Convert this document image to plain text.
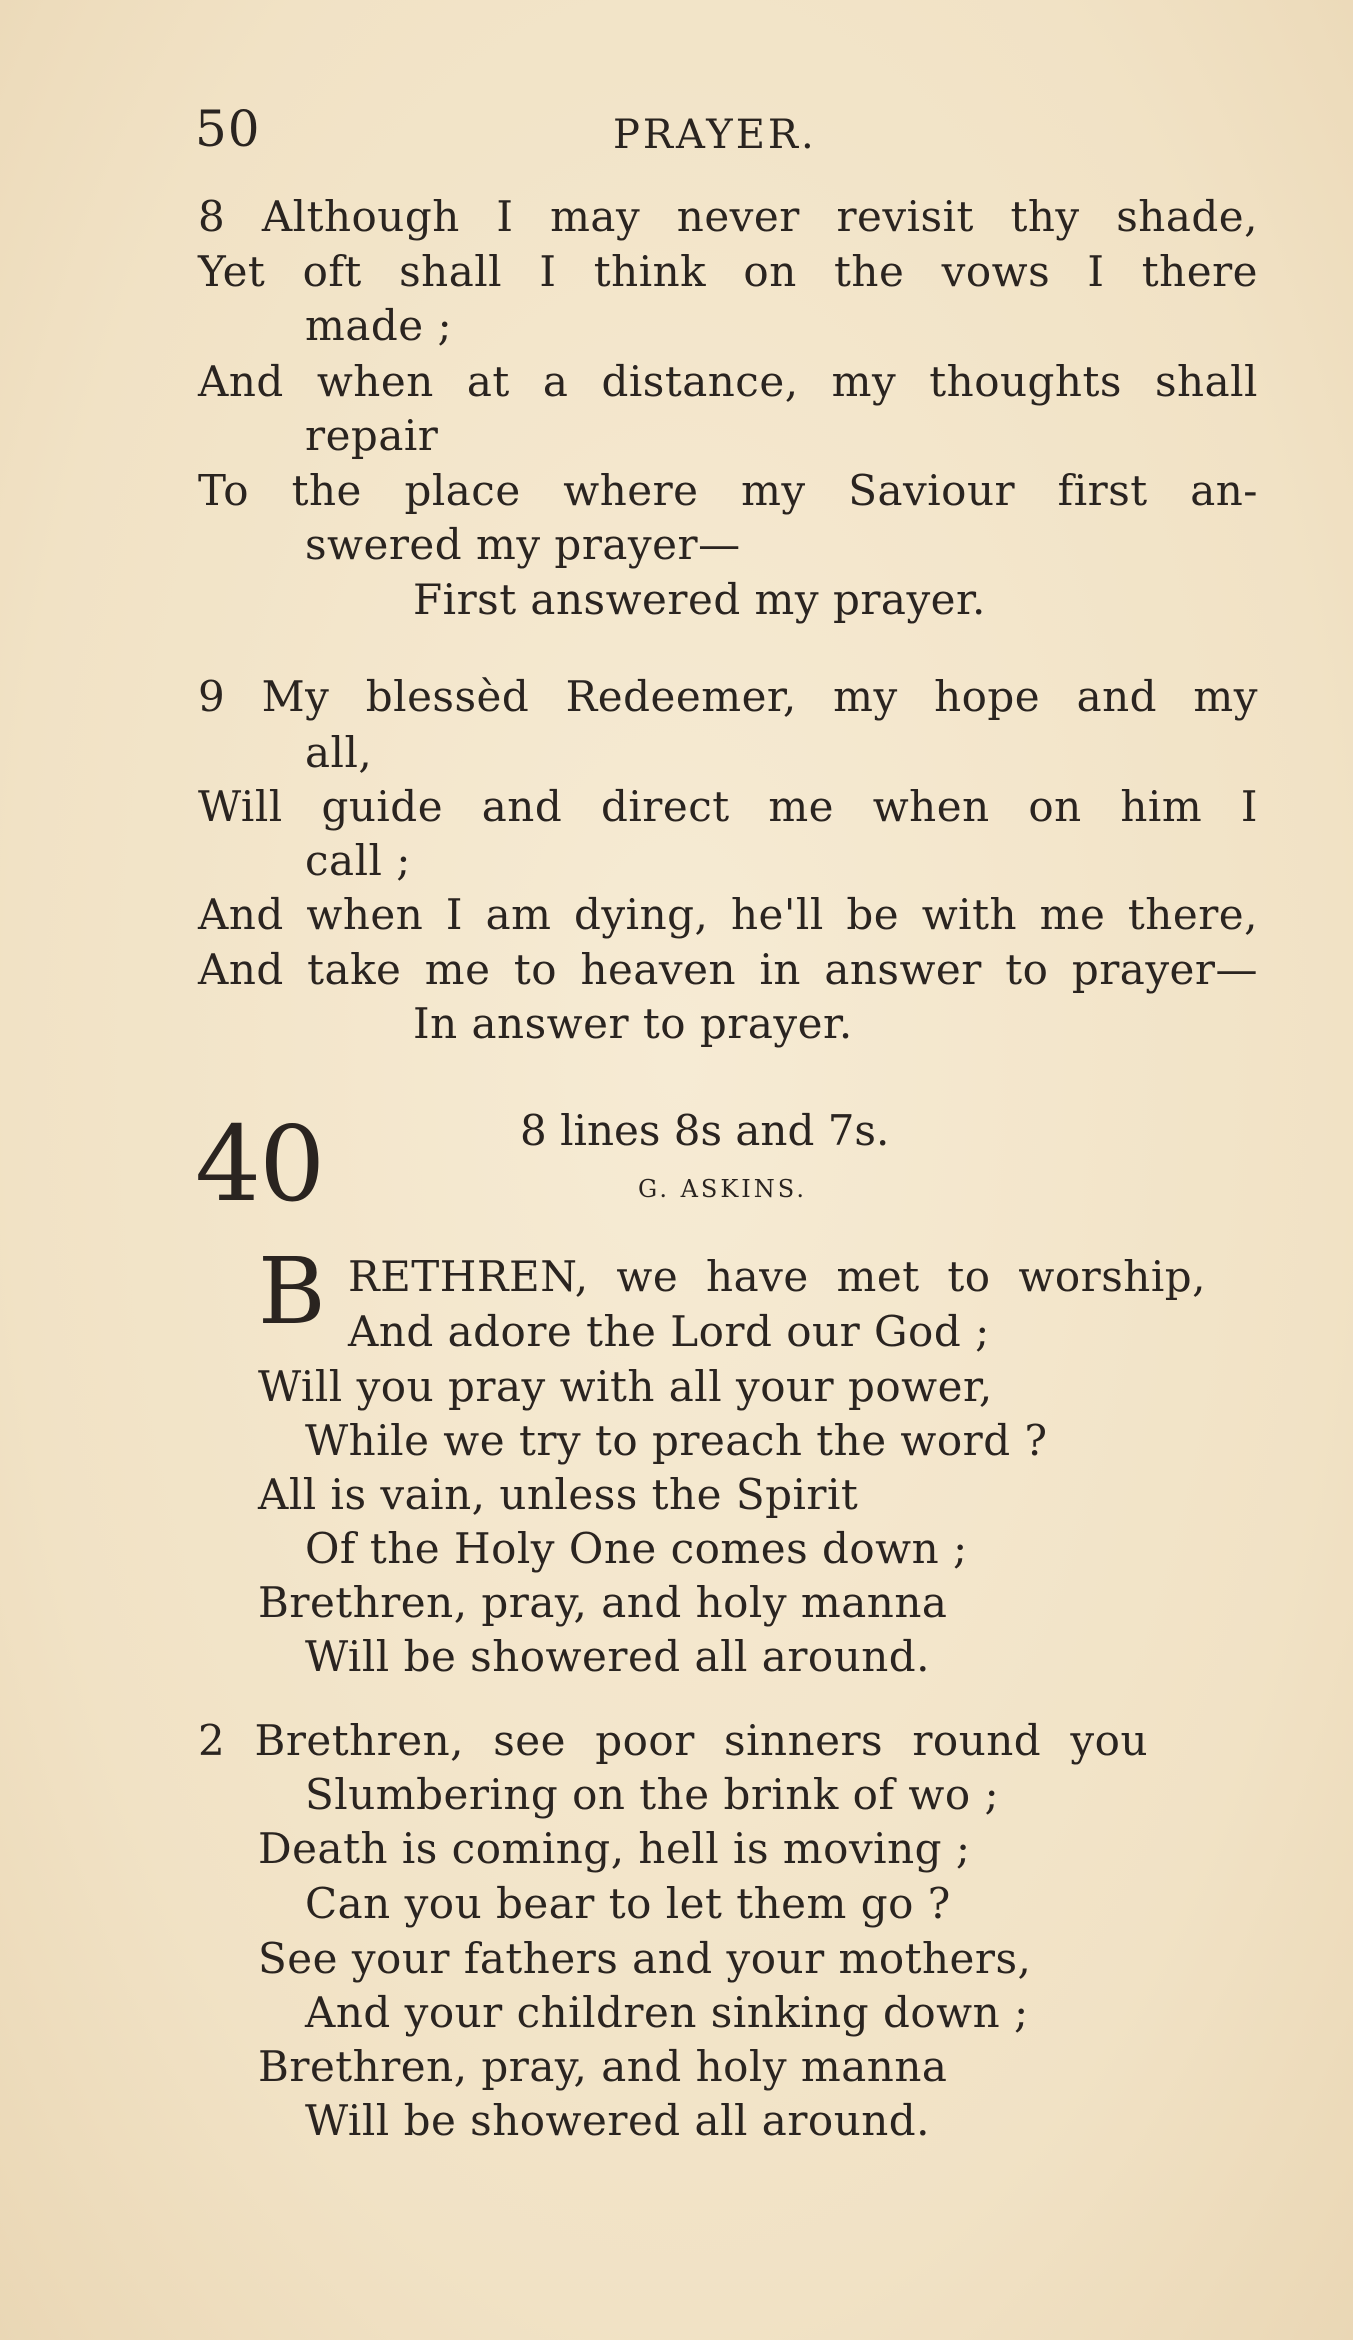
50	PRAYER.
8 Although I may never revisit thy shade,
Yet oft shall I think on the vows I there
made ;
And when at a distance, my thoughts shall
repair
To the place where my Saviour first an-
swered my prayer—
First answered my prayer.
9 My blessèd Redeemer, my hope and my
all,
Will guide and direct me when on him I
call ;
And when I am dying, he'll be with me there,
And take me to heaven in answer to prayer—
In answer to prayer.
40	8 lines 8s and 7s.
G. ASKINS.
B RETHREN, we have met to worship,
And adore the Lord our God ;
Will you pray with all your power,
While we try to preach the word ?
All is vain, unless the Spirit
Of the Holy One comes down ;
Brethren, pray, and holy manna
Will be showered all around.
2 Brethren, see poor sinners round you
Slumbering on the brink of wo ;
Death is coming, hell is moving ;
Can you bear to let them go ?
See your fathers and your mothers,
And your children sinking down ;
Brethren, pray, and holy manna
Will be showered all around.
